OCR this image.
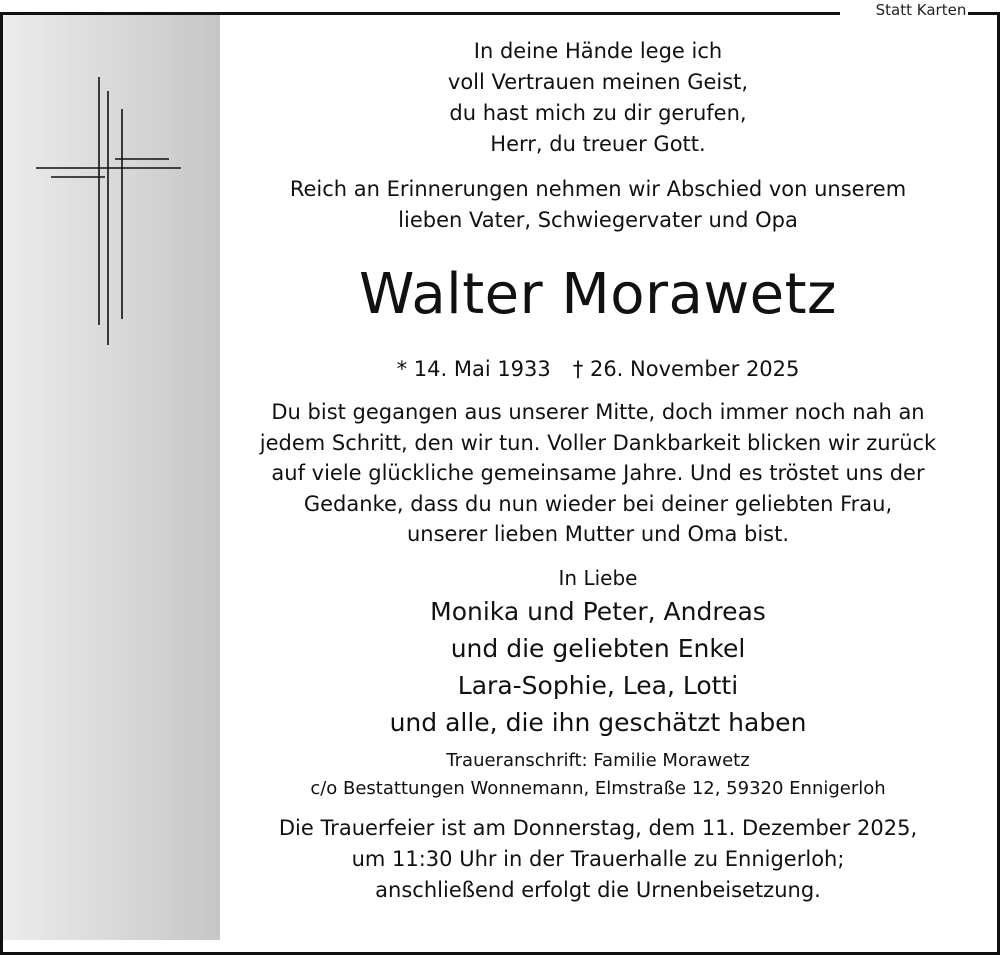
Statt Karten

In deine Hände lege ich
voll Vertrauen meinen Geist,
du hast mich zu dir gerufen,
Herr, du treuer Gott.

Reich an Erinnerungen nehmen wir Abschied von unserem
lieben Vater, Schwiegervater und Opa

Walter Morawetz

* 14. Mai 1933 † 26. November 2025

Du bist gegangen aus unserer Mitte, doch immer noch nah an
jedem Schritt, den wir tun. Voller Dankbarkeit blicken wir zurück
auf viele glückliche gemeinsame Jahre. Und es tröstet uns der
Gedanke, dass du nun wieder bei deiner geliebten Frau,
unserer lieben Mutter und Oma bist.

In Liebe

Monika und Peter, Andreas
und die geliebten Enkel
Lara-Sophie, Lea, Lotti
und alle, die ihn geschätzt haben

Traueranschrift: Familie Morawetz
c/o Bestattungen Wonnemann, Elmstraße 12, 59320 Ennigerloh

Die Trauerfeier ist am Donnerstag, dem 11. Dezember 2025,
um 11:30 Uhr in der Trauerhalle zu Ennigerloh;
anschließend erfolgt die Urnenbeisetzung.
